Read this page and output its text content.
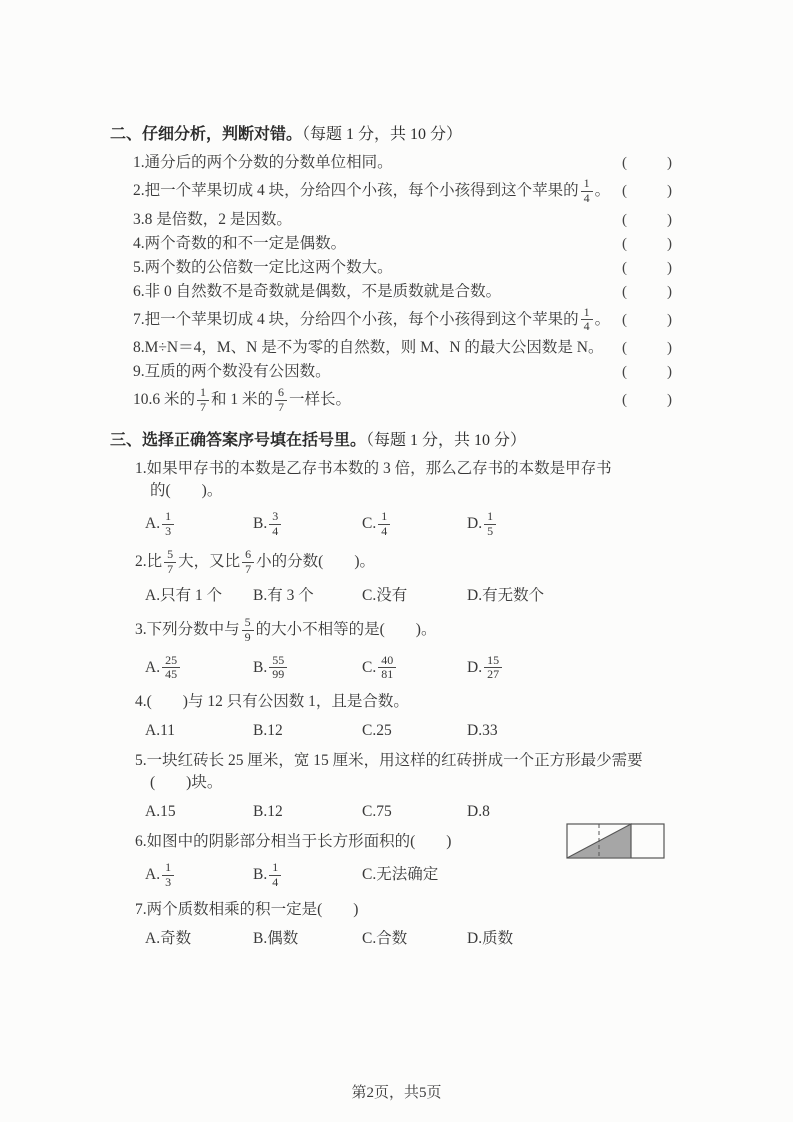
二、仔细分析，判断对错。（每题 1 分，共 10 分）
1.通分后的两个分数的分数单位相同。	(	)
2.把一个苹果切成 4 块，分给四个小孩，每个小孩得到这个苹果的 $\frac{1}{4}$ 。 (	)
3.8 是倍数，2 是因数。	(	)
4.两个奇数的和不一定是偶数。	(	)
5.两个数的公倍数一定比这两个数大。	(	)
6.非 0 自然数不是奇数就是偶数，不是质数就是合数。	(	)
7.把一个苹果切成 4 块，分给四个小孩，每个小孩得到这个苹果的 $\frac{1}{4}$ 。 (	)
8.M÷N＝4，M、N 是不为零的自然数，则 M、N 的最大公因数是 N。	(	)
9.互质的两个数没有公因数。	(	)
10.6 米的 $\frac{1}{7}$ 和 1 米的 $\frac{6}{7}$ 一样长。	(	)
三、选择正确答案序号填在括号里。（每题 1 分，共 10 分）
1.如果甲存书的本数是乙存书本数的 3 倍，那么乙存书的本数是甲存书
的(　　)。
A. $\frac{1}{3}$	B. $\frac{3}{4}$	C. $\frac{1}{4}$	D. $\frac{1}{5}$
2.比 $\frac{5}{7}$ 大，又比 $\frac{6}{7}$ 小的分数(　　)。
A.只有 1 个	B.有 3 个	C.没有	D.有无数个
3.下列分数中与 $\frac{5}{9}$ 的大小不相等的是(　　)。
A. $\frac{25}{45}$	B. $\frac{55}{99}$	C. $\frac{40}{81}$	D. $\frac{15}{27}$
4.(　　)与 12 只有公因数 1，且是合数。
A.11	B.12	C.25	D.33
5.一块红砖长 25 厘米，宽 15 厘米，用这样的红砖拼成一个正方形最少需要
(　　)块。
A.15	B.12	C.75	D.8
6.如图中的阴影部分相当于长方形面积的(　　)
A. $\frac{1}{3}$	B. $\frac{1}{4}$	C.无法确定
7.两个质数相乘的积一定是(　　)
A.奇数	B.偶数	C.合数	D.质数
第2页，共5页
